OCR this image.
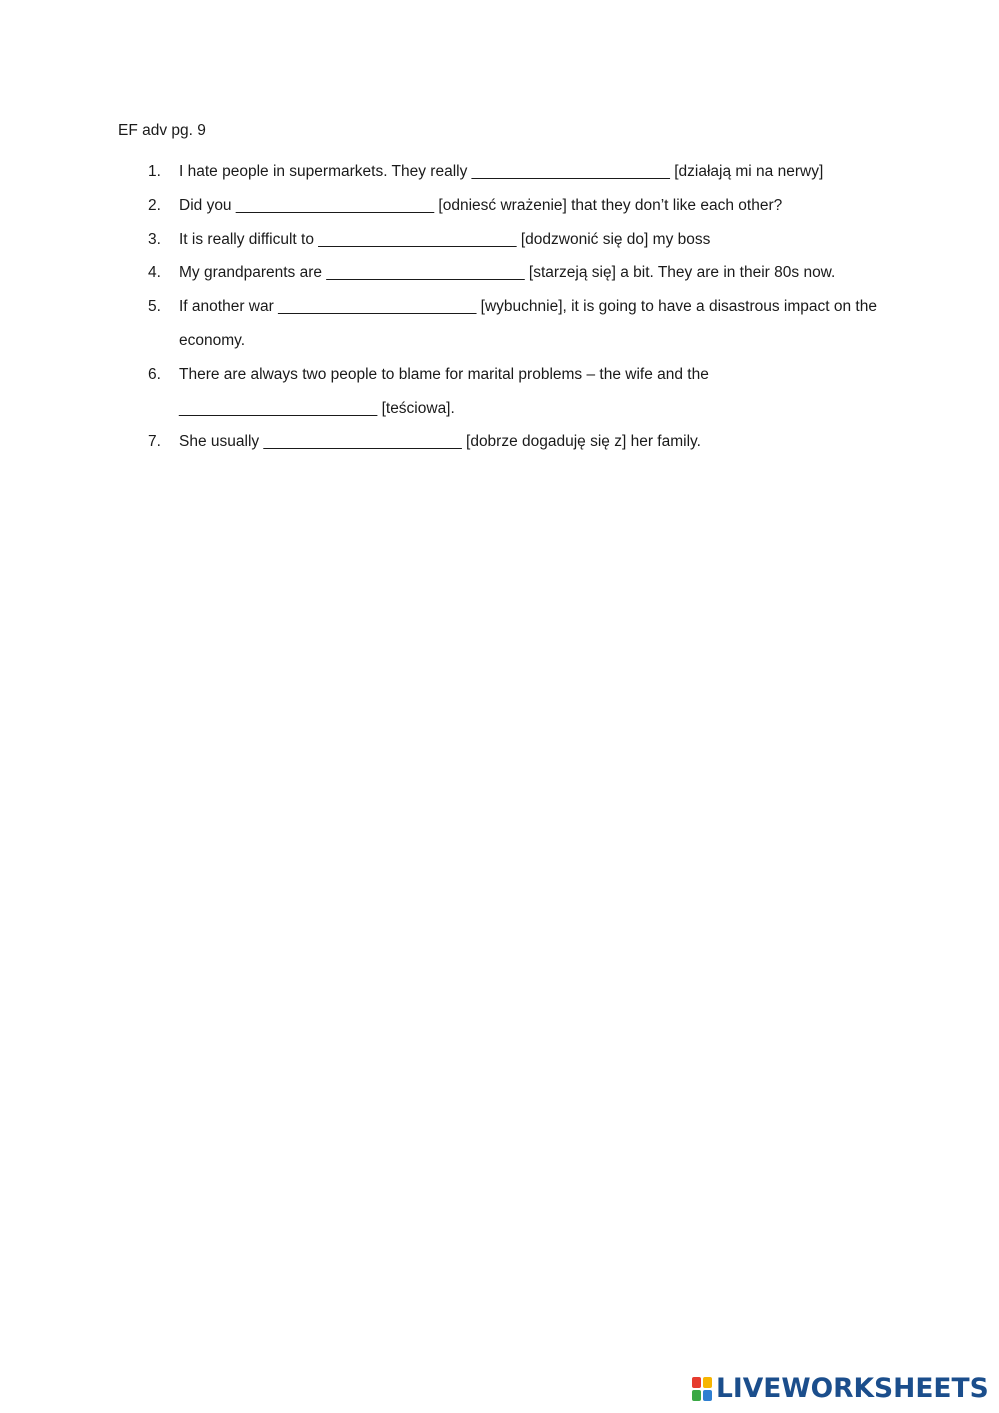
EF adv pg. 9
1.	I hate people in supermarkets. They really _______________________ [działają mi na nerwy]
2.	Did you _______________________ [odniesć wrażenie] that they don’t like each other?
3.	It is really difficult to _______________________ [dodzwonić się do] my boss
4.	My grandparents are _______________________ [starzeją się] a bit. They are in their 80s now.
5.	If another war _______________________ [wybuchnie], it is going to have a disastrous impact on the economy.
6.	There are always two people to blame for marital problems – the wife and the _______________________ [teściowa].
7.	She usually _______________________ [dobrze dogaduję się z] her family.
LIVEWORKSHEETS
